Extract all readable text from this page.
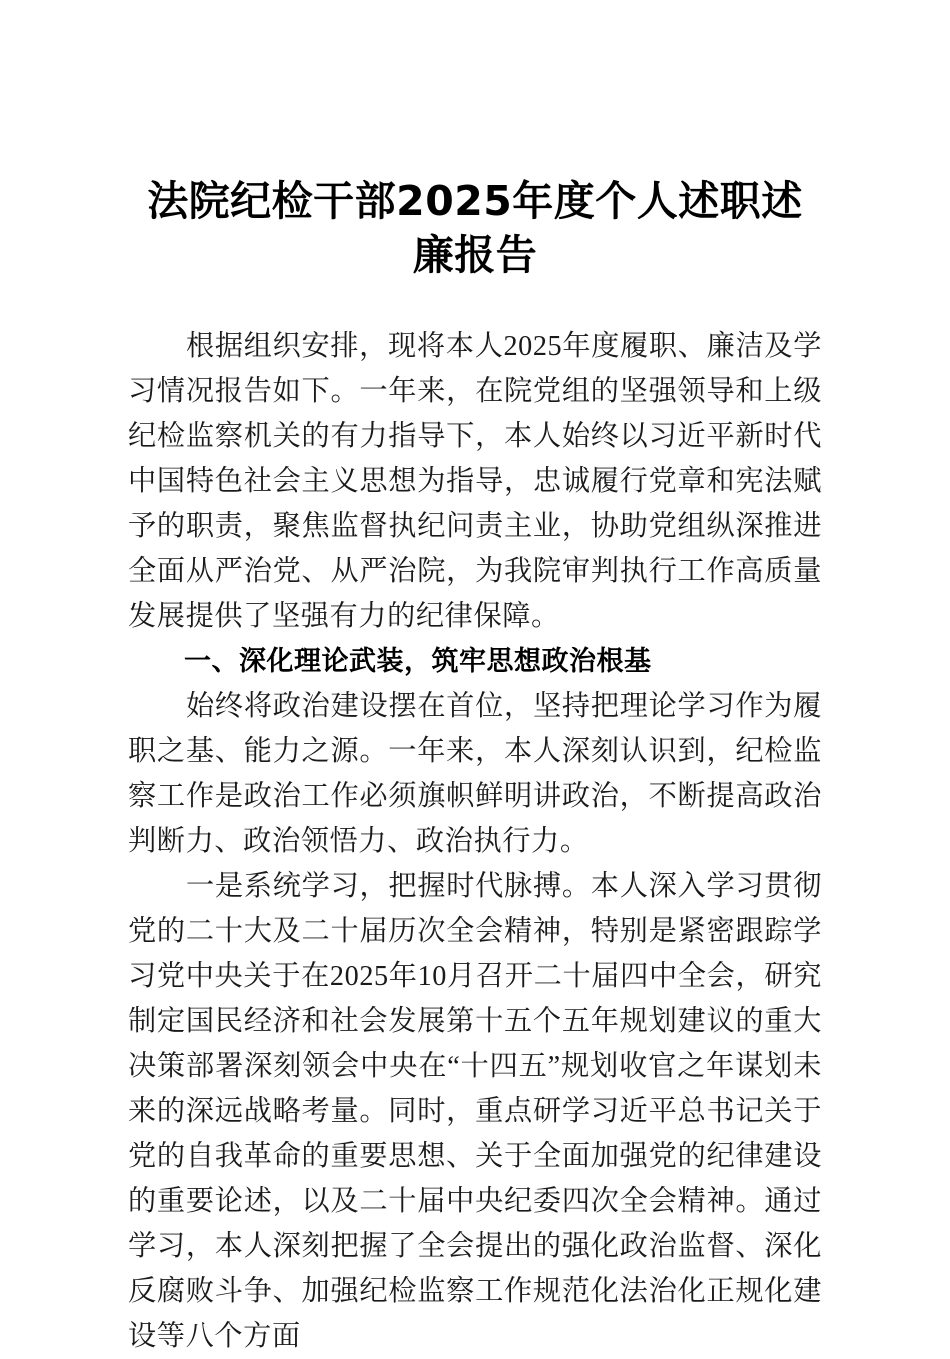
法院纪检干部2025年度个人述职述廉报告

根据组织安排，现将本人2025年度履职、廉洁及学习情况报告如下。一年来，在院党组的坚强领导和上级纪检监察机关的有力指导下，本人始终以习近平新时代中国特色社会主义思想为指导，忠诚履行党章和宪法赋予的职责，聚焦监督执纪问责主业，协助党组纵深推进全面从严治党、从严治院，为我院审判执行工作高质量发展提供了坚强有力的纪律保障。

一、深化理论武装，筑牢思想政治根基

始终将政治建设摆在首位，坚持把理论学习作为履职之基、能力之源。一年来，本人深刻认识到，纪检监察工作是政治工作必须旗帜鲜明讲政治，不断提高政治判断力、政治领悟力、政治执行力。

一是系统学习，把握时代脉搏。本人深入学习贯彻党的二十大及二十届历次全会精神，特别是紧密跟踪学习党中央关于在2025年10月召开二十届四中全会，研究制定国民经济和社会发展第十五个五年规划建议的重大决策部署深刻领会中央在“十四五”规划收官之年谋划未来的深远战略考量。同时，重点研学习近平总书记关于党的自我革命的重要思想、关于全面加强党的纪律建设的重要论述，以及二十届中央纪委四次全会精神。通过学习，本人深刻把握了全会提出的强化政治监督、深化反腐败斗争、加强纪检监察工作规范化法治化正规化建设等八个方面
